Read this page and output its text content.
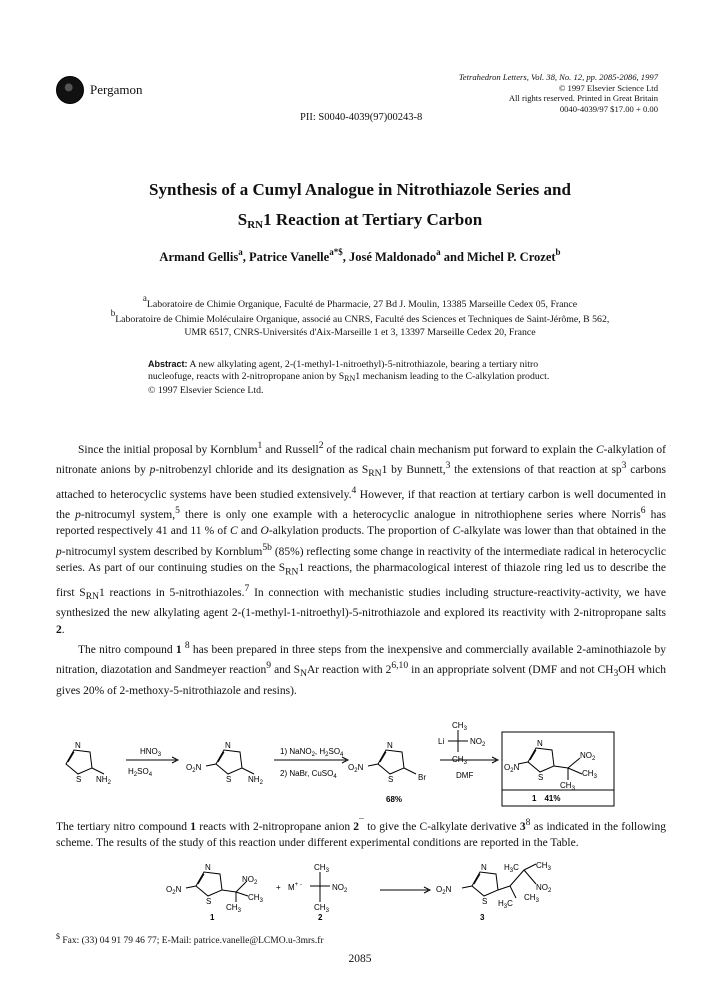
Pergamon
Tetrahedron Letters, Vol. 38, No. 12, pp. 2085-2086, 1997
© 1997 Elsevier Science Ltd
All rights reserved. Printed in Great Britain
0040-4039/97 $17.00 + 0.00
PII: S0040-4039(97)00243-8
Synthesis of a Cumyl Analogue in Nitrothiazole Series and
$S_{RN}1$ Reaction at Tertiary Carbon
Armand Gellis$^a$, Patrice Vanelle$^{a*\$}$, José Maldonado$^a$ and Michel P. Crozet$^b$
aLaboratoire de Chimie Organique, Faculté de Pharmacie, 27 Bd J. Moulin, 13385 Marseille Cedex 05, France
bLaboratoire de Chimie Moléculaire Organique, associé au CNRS, Faculté des Sciences et Techniques de Saint-Jérôme, B 562,
UMR 6517, CNRS-Universités d'Aix-Marseille 1 et 3, 13397 Marseille Cedex 20, France
Abstract: A new alkylating agent, 2-(1-methyl-1-nitroethyl)-5-nitrothiazole, bearing a tertiary nitro nucleofuge, reacts with 2-nitropropane anion by $S_{RN}1$ mechanism leading to the C-alkylation product.
© 1997 Elsevier Science Ltd.

Since the initial proposal by Kornblum$^1$ and Russell$^2$ of the radical chain mechanism put forward to explain the C-alkylation of nitronate anions by p-nitrobenzyl chloride and its designation as $S_{RN}1$ by Bunnett,$^3$ the extensions of that reaction at $sp^3$ carbons attached to heterocyclic systems have been studied extensively.$^4$ However, if that reaction at tertiary carbon is well documented in the p-nitrocumyl system,$^5$ there is only one example with a heterocyclic analogue in nitrothiophene series where Norris$^6$ has reported respectively 41 and 11 % of C and O-alkylation products. The proportion of C-alkylate was lower than that obtained in the p-nitrocumyl system described by Kornblum$^{5b}$ (85%) reflecting some change in reactivity of the intermediate radical in heterocyclic series. As part of our continuing studies on the $S_{RN}1$ reactions, the pharmacological interest of thiazole ring led us to describe the first $S_{RN}1$ reactions in 5-nitrothiazoles.$^7$ In connection with mechanistic studies including structure-reactivity-activity, we have synthesized the new alkylating agent 2-(1-methyl-1-nitroethyl)-5-nitrothiazole and explored its reactivity with 2-nitropropane salts 2.

The nitro compound 1 $^8$ has been prepared in three steps from the inexpensive and commercially available 2-aminothiazole by nitration, diazotation and Sandmeyer reaction$^9$ and $S_NAr$ reaction with 2$^{6,10}$ in an appropriate solvent (DMF and not $CH_3OH$ which gives 20% of 2-methoxy-5-nitrothiazole and resins).

N
S $NH_2$
$HNO_3$
$H_2SO_4$
N
S
$O_2N$
$NH_2$
1) NaNO$_2$, $H_2SO_4$
2) NaBr, CuSO$_4$
N
S
$O_2N$
Br
68%
$CH_3$
Li	$NO_2$
$CH_3$
DMF
N
S
$O_2N$
$NO_2$
$CH_3$
$CH_3$
1 41%

The tertiary nitro compound 1 reacts with 2-nitropropane anion 2¯ to give the C-alkylate derivative $3^8$ as indicated in the following scheme. The results of the study of this reaction under different experimental conditions are reported in the Table.

N
S
$O_2N$
$NO_2$
$CH_3$
$CH_3$
1
+ M+ -
$CH_3$
$NO_2$
$CH_3$
2
N
S
$O_2N$
$H_3C$ $CH_3$
$NO_2$
$H_3C$
$CH_3$
3
$ Fax: (33) 04 91 79 46 77; E-Mail: patrice.vanelle@LCMO.u-3mrs.fr
2085
